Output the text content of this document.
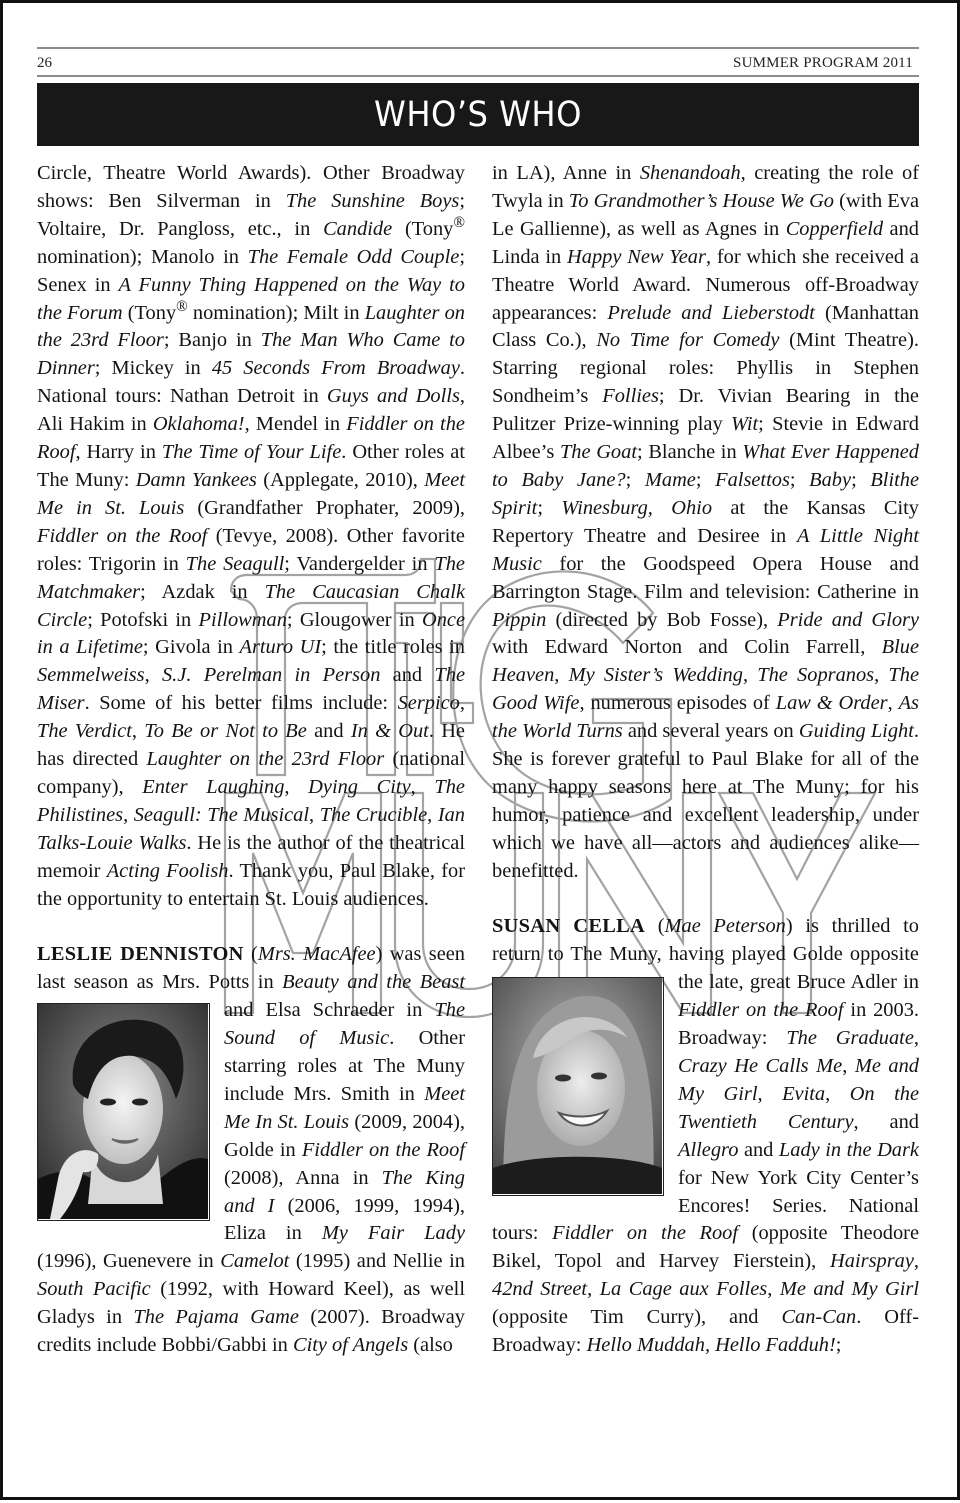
26	SUMMER PROGRAM 2011
WHO’S WHO

Circle, Theatre World Awards). Other Broadway shows: Ben Silverman in The Sunshine Boys; Voltaire, Dr. Pangloss, etc., in Candide (Tony® nomination); Manolo in The Female Odd Couple; Senex in A Funny Thing Happened on the Way to the Forum (Tony® nomination); Milt in Laughter on the 23rd Floor; Banjo in The Man Who Came to Dinner; Mickey in 45 Seconds From Broadway. National tours: Nathan Detroit in Guys and Dolls, Ali Hakim in Oklahoma!, Mendel in Fiddler on the Roof, Harry in The Time of Your Life. Other roles at The Muny: Damn Yankees (Applegate, 2010), Meet Me in St. Louis (Grandfather Prophater, 2009), Fiddler on the Roof (Tevye, 2008). Other favorite roles: Trigorin in The Seagull; Vandergelder in The Matchmaker; Azdak in The Caucasian Chalk Circle; Potofski in Pillowman; Glougower in Once in a Lifetime; Givola in Arturo UI; the title roles in Semmelweiss, S.J. Perelman in Person and The Miser. Some of his better films include: Serpico, The Verdict, To Be or Not to Be and In & Out. He has directed Laughter on the 23rd Floor (national company), Enter Laughing, Dying City, The Philistines, Seagull: The Musical, The Crucible, Ian Talks-Louie Walks. He is the author of the theatrical memoir Acting Foolish. Thank you, Paul Blake, for the opportunity to entertain St. Louis audiences.

LESLIE DENNISTON (Mrs. MacAfee) was seen last season as Mrs. Potts in Beauty and the Beast
and Elsa Schraeder in The Sound of Music. Other starring roles at The Muny include Mrs. Smith in Meet Me In St. Louis (2009, 2004), Golde in Fiddler on the Roof (2008), Anna in The King and I (2006, 1999, 1994), Eliza in My Fair Lady (1996), Guenevere in Camelot (1995) and Nellie in South Pacific (1992, with Howard Keel), as well Gladys in The Pajama Game (2007). Broadway credits include Bobbi/Gabbi in City of Angels (also

in LA), Anne in Shenandoah, creating the role of Twyla in To Grandmother’s House We Go (with Eva Le Gallienne), as well as Agnes in Copperfield and Linda in Happy New Year, for which she received a Theatre World Award. Numerous off-Broadway appearances: Prelude and Lieberstodt (Manhattan Class Co.), No Time for Comedy (Mint Theatre). Starring regional roles: Phyllis in Stephen Sondheim’s Follies; Dr. Vivian Bearing in the Pulitzer Prize-winning play Wit; Stevie in Edward Albee’s The Goat; Blanche in What Ever Happened to Baby Jane?; Mame; Falsettos; Baby; Blithe Spirit; Winesburg, Ohio at the Kansas City Repertory Theatre and Desiree in A Little Night Music for the Goodspeed Opera House and Barrington Stage. Film and television: Catherine in Pippin (directed by Bob Fosse), Pride and Glory with Edward Norton and Colin Farrell, Blue Heaven, My Sister’s Wedding, The Sopranos, The Good Wife, numerous episodes of Law & Order, As the World Turns and several years on Guiding Light. She is forever grateful to Paul Blake for all of the many happy seasons here at The Muny; for his humor, patience and excellent leadership, under which we have all—actors and audiences alike—benefitted.

SUSAN CELLA (Mae Peterson) is thrilled to return to The Muny, having played Golde opposite the late, great Bruce Adler in Fiddler on the Roof in 2003. Broadway: The Graduate, Crazy He Calls Me, Me and My Girl, Evita, On the Twentieth Century, and Allegro and Lady in the Dark for New York City Center’s Encores! Series. National tours: Fiddler on the Roof (opposite Theodore Bikel, Topol and Harvey Fierstein), Hairspray, 42nd Street, La Cage aux Folles, Me and My Girl (opposite Tim Curry), and Can-Can. Off-Broadway: Hello Muddah, Hello Fadduh!;
